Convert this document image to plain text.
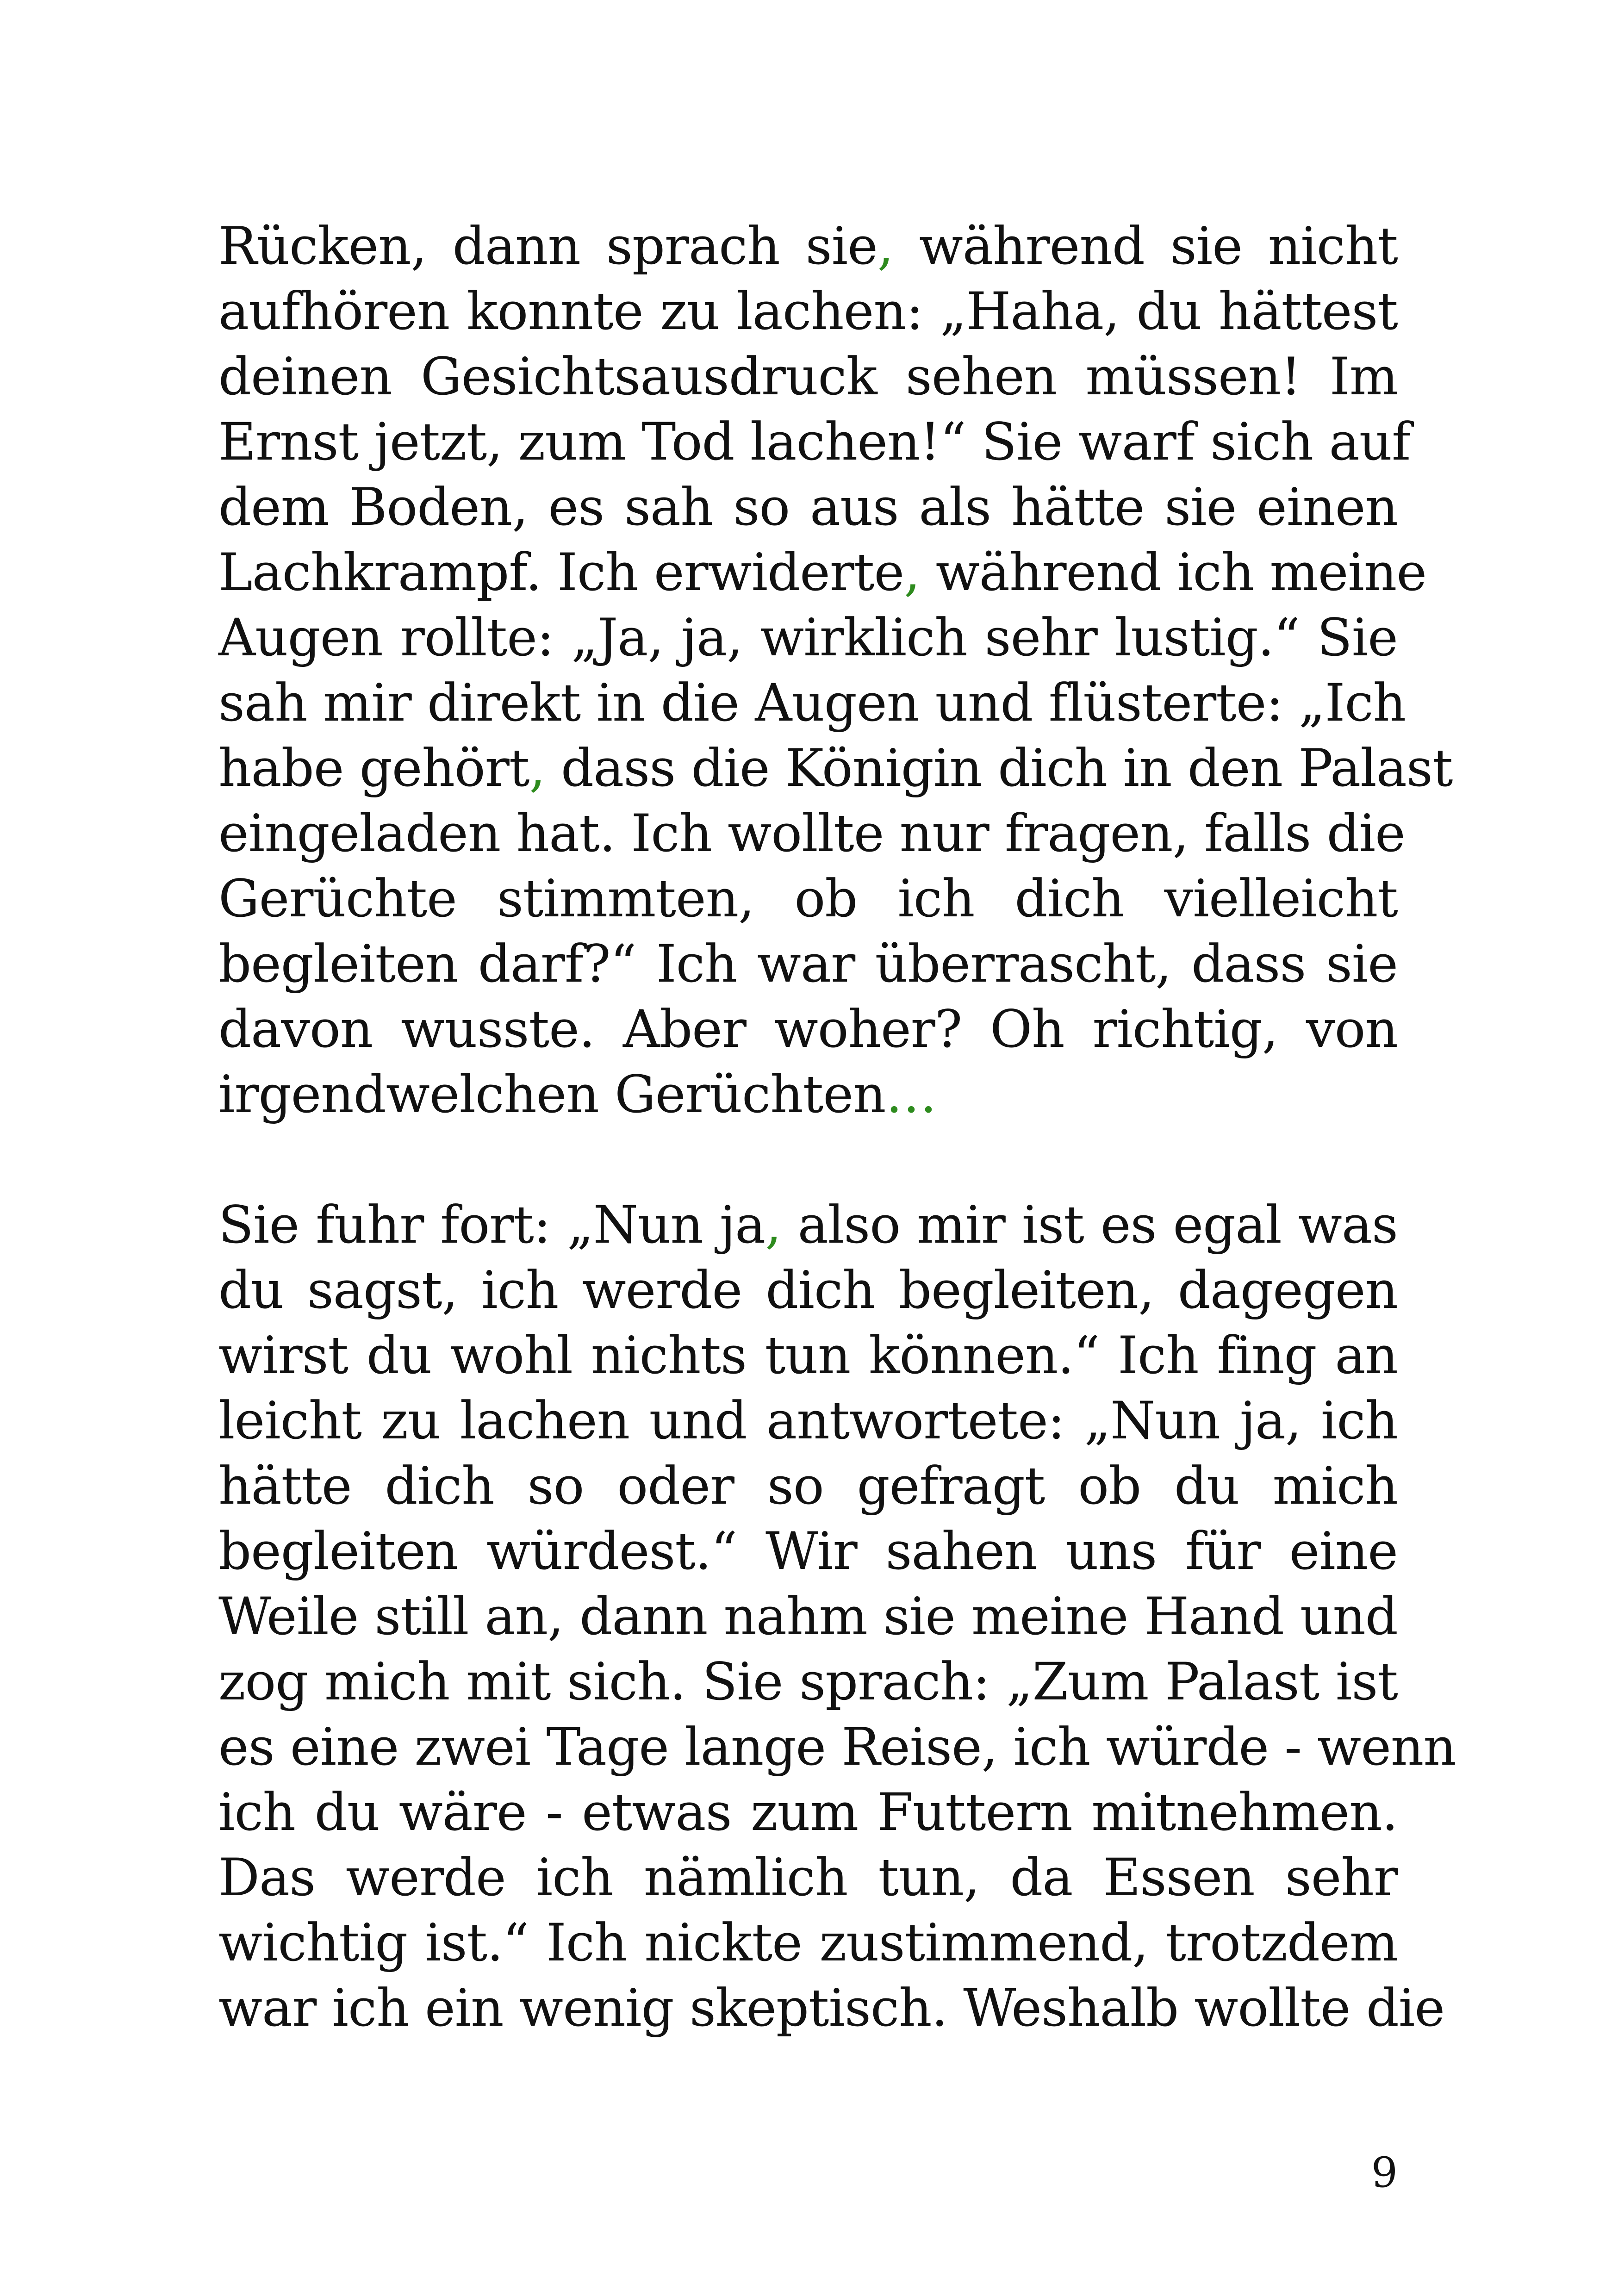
Rücken, dann sprach sie, während sie nicht
aufhören konnte zu lachen: „Haha, du hättest
deinen Gesichtsausdruck sehen müssen! Im
Ernst jetzt, zum Tod lachen!“ Sie warf sich auf
dem Boden, es sah so aus als hätte sie einen
Lachkrampf. Ich erwiderte, während ich meine
Augen rollte: „Ja, ja, wirklich sehr lustig.“ Sie
sah mir direkt in die Augen und flüsterte: „Ich
habe gehört, dass die Königin dich in den Palast
eingeladen hat. Ich wollte nur fragen, falls die
Gerüchte stimmten, ob ich dich vielleicht
begleiten darf?“ Ich war überrascht, dass sie
davon wusste. Aber woher? Oh richtig, von
irgendwelchen Gerüchten…
Sie fuhr fort: „Nun ja, also mir ist es egal was
du sagst, ich werde dich begleiten, dagegen
wirst du wohl nichts tun können.“ Ich fing an
leicht zu lachen und antwortete: „Nun ja, ich
hätte dich so oder so gefragt ob du mich
begleiten würdest.“ Wir sahen uns für eine
Weile still an, dann nahm sie meine Hand und
zog mich mit sich. Sie sprach: „Zum Palast ist
es eine zwei Tage lange Reise, ich würde - wenn
ich du wäre - etwas zum Futtern mitnehmen.
Das werde ich nämlich tun, da Essen sehr
wichtig ist.“ Ich nickte zustimmend, trotzdem
war ich ein wenig skeptisch. Weshalb wollte die
9
